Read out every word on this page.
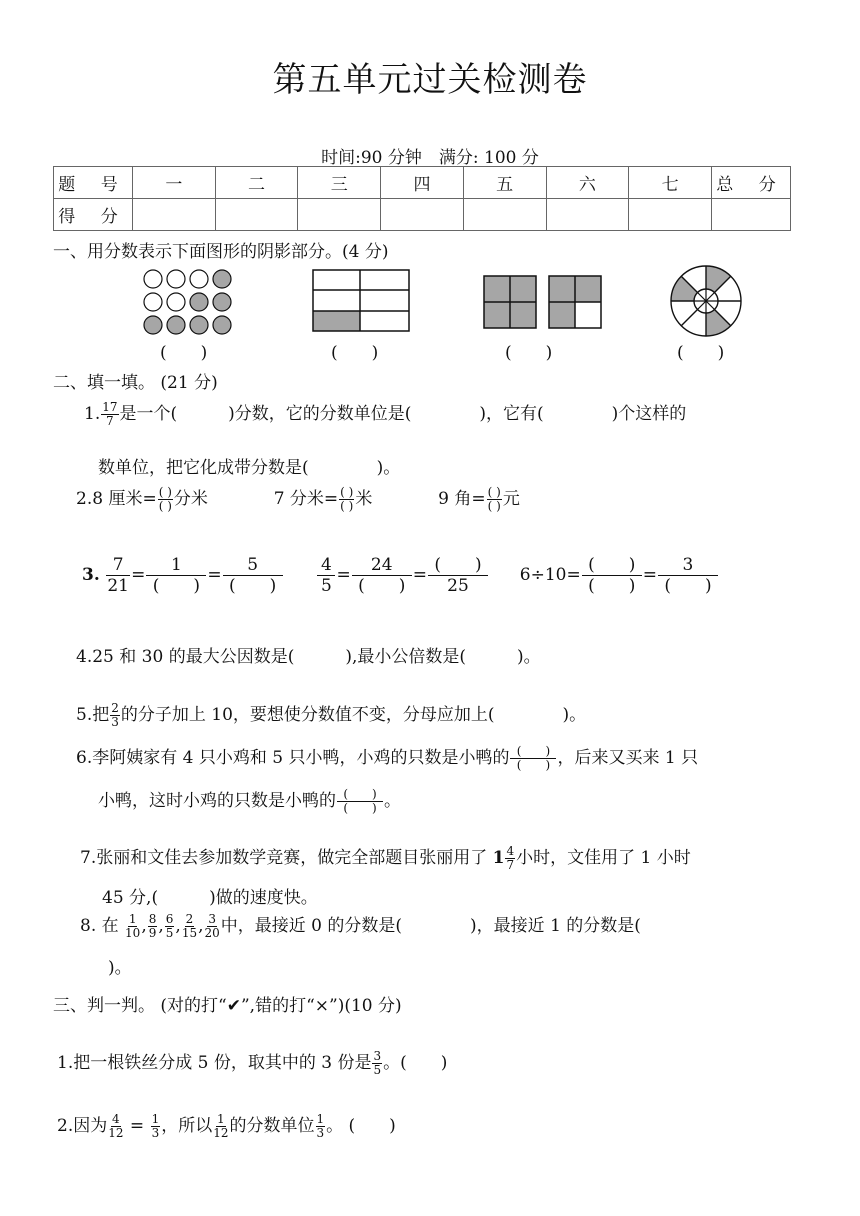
第五单元过关检测卷
时间:90 分钟　满分: 100 分
题 号	一	二	三	四	五	六	七	总 分
得 分								
一、用分数表示下面图形的阴影部分。(4 分)
(　　)	(　　)	(　　)	(　　)
二、填一填。 (21 分)
1. $\frac{17}{7}$ 是一个(　　　)分数，它的分数单位是(　　　　)，它有(　　　　)个这样的
数单位，把它化成带分数是(　　　　)。
2.8 厘米= ( )
( ) 分米	7 分米= ( )
( ) 米	9 角= ( )
( ) 元
3. $\frac{7}{21}$ =	1
(　　)
=	5
(　　)
	$\frac{4}{5}$ =	24
(　　)
= (　　)
25
6÷10= (　　)
(　　)
=	3
(　　)
4.25 和 30 的最大公因数是(　　　),最小公倍数是(　　　)。
5.把 $\frac{2}{3}$ 的分子加上 10，要想使分数值不变，分母应加上(　　　　)。
6.李阿姨家有 4 只小鸡和 5 只小鸭，小鸡的只数是小鸭的 (　　)
(　　) ，后来又买来 1 只
小鸭，这时小鸡的只数是小鸭的 (　　)
(　　) 。
7.张丽和文佳去参加数学竞赛，做完全部题目张丽用了 $1 \frac{4}{7}$ 小时，文佳用了 1 小时
45 分,(　　　)做的速度快。
8. 在 $\frac{1}{10}$ , $\frac{8}{9}$ , $\frac{6}{5}$ , $\frac{2}{15}$ , $\frac{3}{20}$ 中，最接近 0 的分数是(　　　　)，最接近 1 的分数是(
)。
三、判一判。 (对的打“✔”,错的打“×”)(10 分)
1.把一根铁丝分成 5 份，取其中的 3 份是 $\frac{3}{5}$ 。(　　)
2.因为 $\frac{4}{12} = \frac{1}{3}$ ，所以 $\frac{1}{12}$ 的分数单位 $\frac{1}{3}$ 。 (　　)
